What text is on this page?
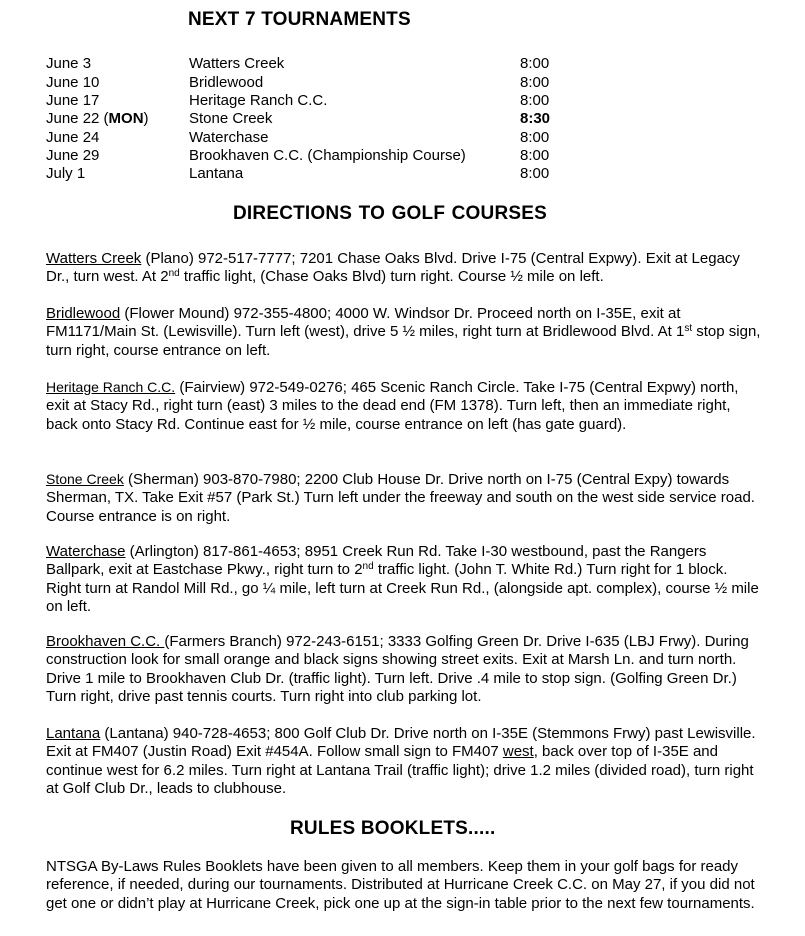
NEXT 7 TOURNAMENTS
June 3	Watters Creek	8:00
June 10	Bridlewood	8:00
June 17	Heritage Ranch C.C.	8:00
June 22 (MON)	Stone Creek	8:30
June 24	Waterchase	8:00
June 29	Brookhaven C.C. (Championship Course)	8:00
July 1	Lantana	8:00
DIRECTIONS TO GOLF COURSES

Watters Creek (Plano) 972-517-7777; 7201 Chase Oaks Blvd. Drive I-75 (Central Expwy). Exit at Legacy Dr., turn west. At 2nd traffic light, (Chase Oaks Blvd) turn right. Course ½ mile on left.

Bridlewood (Flower Mound) 972-355-4800; 4000 W. Windsor Dr. Proceed north on I-35E, exit at FM1171/Main St. (Lewisville). Turn left (west), drive 5 ½ miles, right turn at Bridlewood Blvd. At 1st stop sign, turn right, course entrance on left.

Heritage Ranch C.C. (Fairview) 972-549-0276; 465 Scenic Ranch Circle. Take I-75 (Central Expwy) north, exit at Stacy Rd., right turn (east) 3 miles to the dead end (FM 1378). Turn left, then an immediate right, back onto Stacy Rd. Continue east for ½ mile, course entrance on left (has gate guard).

Stone Creek (Sherman) 903-870-7980; 2200 Club House Dr. Drive north on I-75 (Central Expy) towards Sherman, TX. Take Exit #57 (Park St.) Turn left under the freeway and south on the west side service road. Course entrance is on right.

Waterchase (Arlington) 817-861-4653; 8951 Creek Run Rd. Take I-30 westbound, past the Rangers Ballpark, exit at Eastchase Pkwy., right turn to 2nd traffic light. (John T. White Rd.) Turn right for 1 block. Right turn at Randol Mill Rd., go ¼ mile, left turn at Creek Run Rd., (alongside apt. complex), course ½ mile on left.

Brookhaven C.C. (Farmers Branch) 972-243-6151; 3333 Golfing Green Dr. Drive I-635 (LBJ Frwy). During construction look for small orange and black signs showing street exits. Exit at Marsh Ln. and turn north. Drive 1 mile to Brookhaven Club Dr. (traffic light). Turn left. Drive .4 mile to stop sign. (Golfing Green Dr.) Turn right, drive past tennis courts. Turn right into club parking lot.

Lantana (Lantana) 940-728-4653; 800 Golf Club Dr. Drive north on I-35E (Stemmons Frwy) past Lewisville. Exit at FM407 (Justin Road) Exit #454A. Follow small sign to FM407 west, back over top of I-35E and continue west for 6.2 miles. Turn right at Lantana Trail (traffic light); drive 1.2 miles (divided road), turn right at Golf Club Dr., leads to clubhouse.

RULES BOOKLETS.....

NTSGA By-Laws Rules Booklets have been given to all members. Keep them in your golf bags for ready reference, if needed, during our tournaments. Distributed at Hurricane Creek C.C. on May 27, if you did not get one or didn’t play at Hurricane Creek, pick one up at the sign-in table prior to the next few tournaments.
